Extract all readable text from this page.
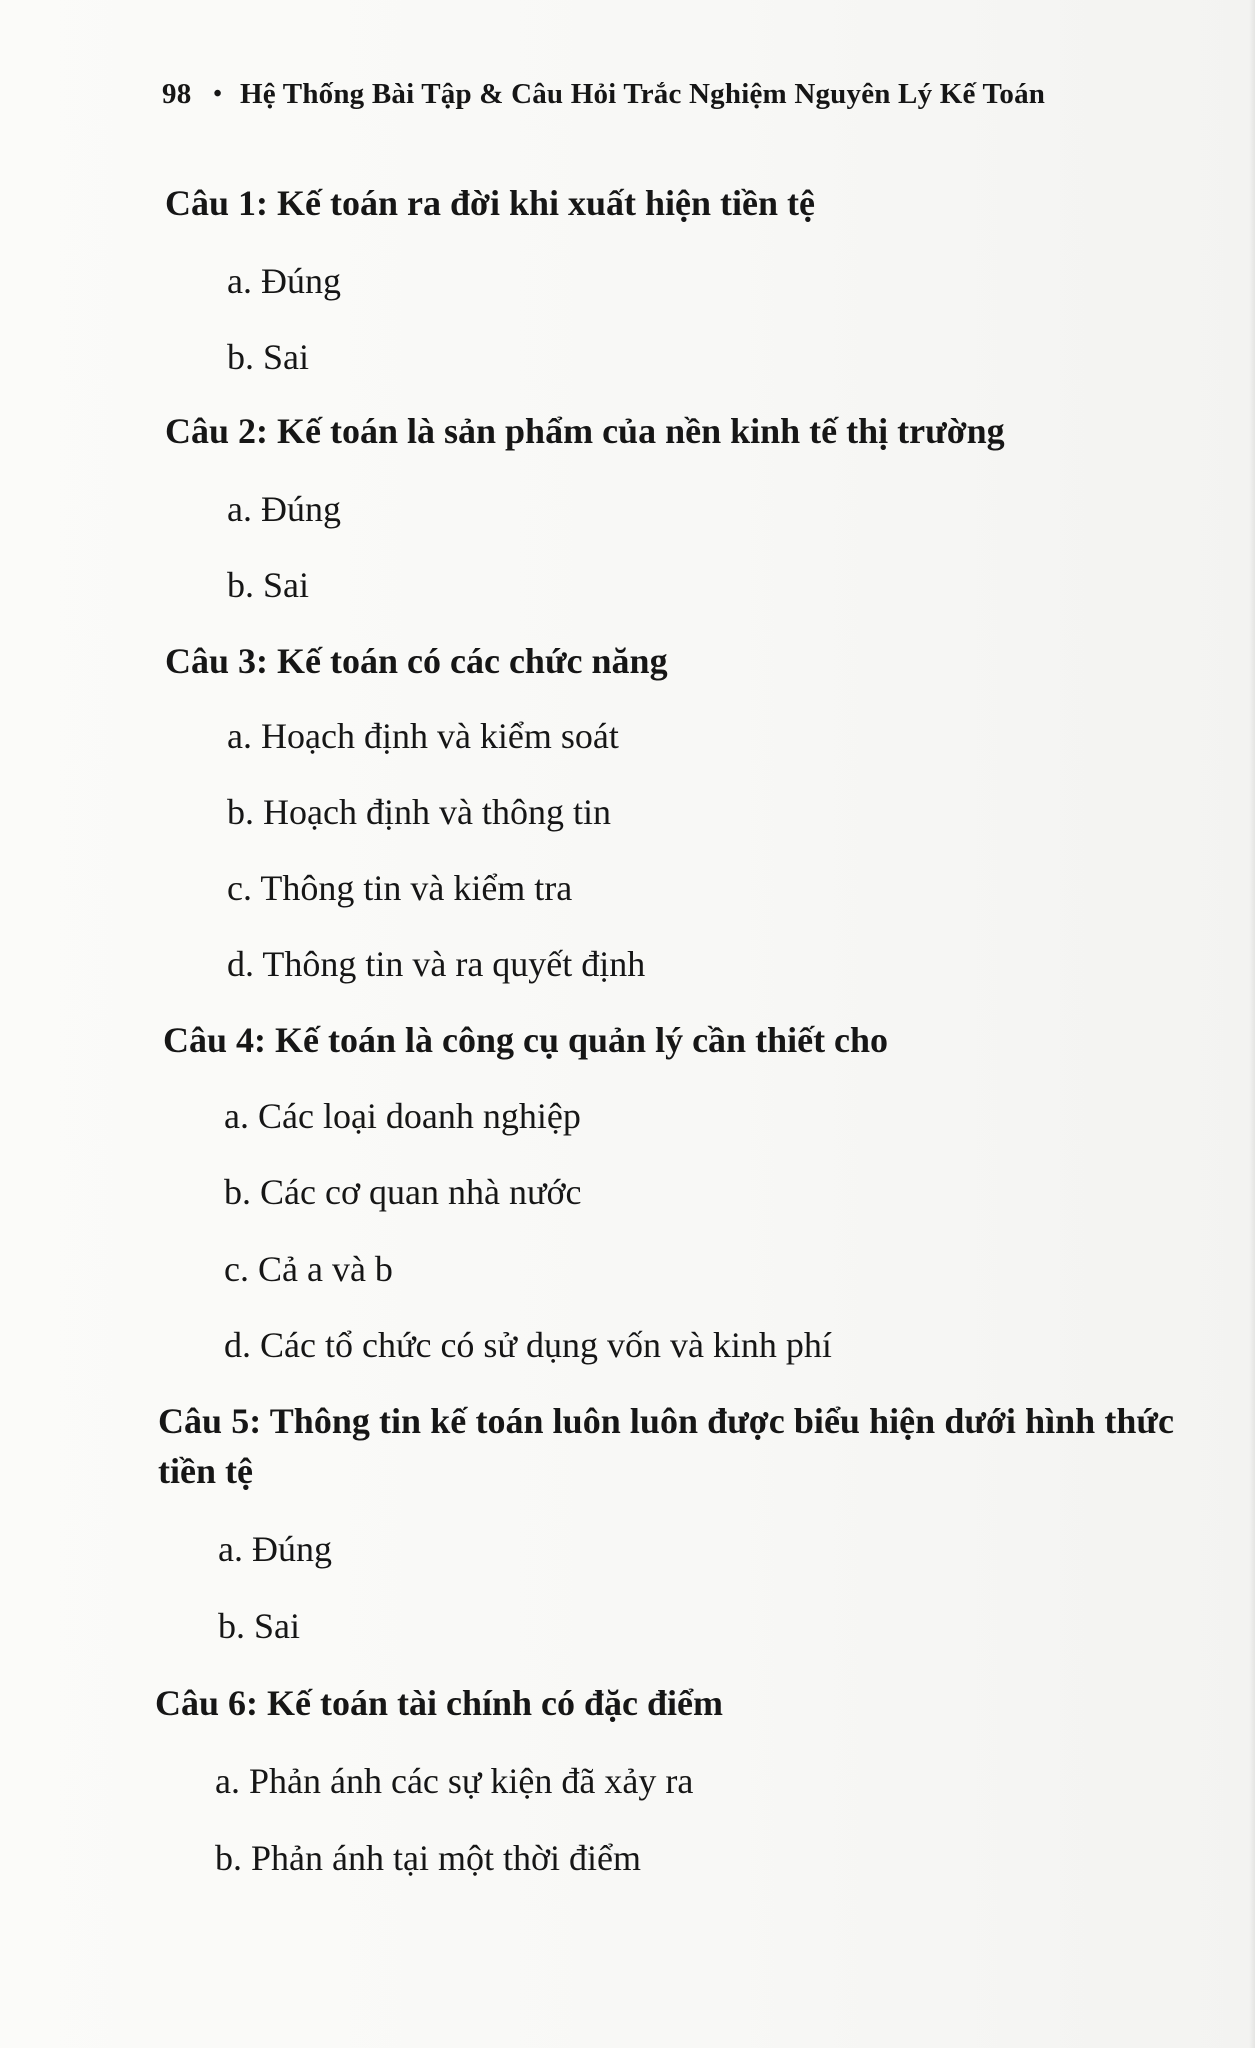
98 • Hệ Thống Bài Tập & Câu Hỏi Trắc Nghiệm Nguyên Lý Kế Toán
Câu 1: Kế toán ra đời khi xuất hiện tiền tệ
a. Đúng
b. Sai
Câu 2: Kế toán là sản phẩm của nền kinh tế thị trường
a. Đúng
b. Sai
Câu 3: Kế toán có các chức năng
a. Hoạch định và kiểm soát
b. Hoạch định và thông tin
c. Thông tin và kiểm tra
d. Thông tin và ra quyết định
Câu 4: Kế toán là công cụ quản lý cần thiết cho
a. Các loại doanh nghiệp
b. Các cơ quan nhà nước
c. Cả a và b
d. Các tổ chức có sử dụng vốn và kinh phí
Câu 5: Thông tin kế toán luôn luôn được biểu hiện dưới hình thức tiền tệ
a. Đúng
b. Sai
Câu 6: Kế toán tài chính có đặc điểm
a. Phản ánh các sự kiện đã xảy ra
b. Phản ánh tại một thời điểm
